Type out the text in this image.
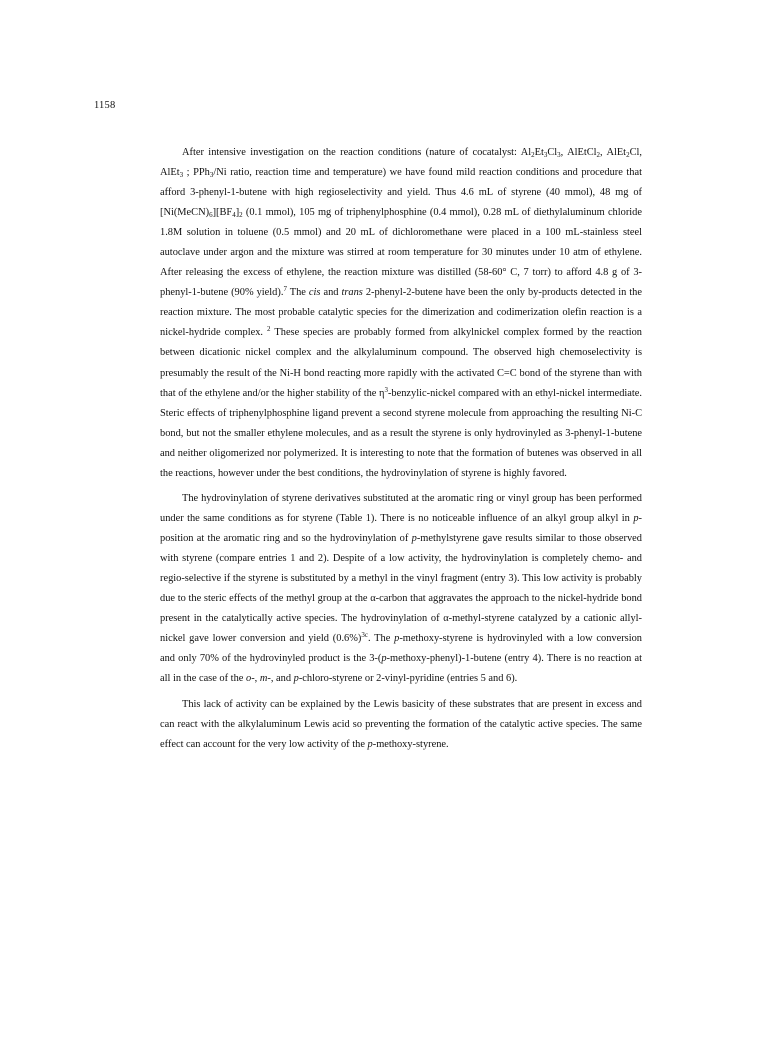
1158

After intensive investigation on the reaction conditions (nature of cocatalyst: $Al_2Et_3Cl_3$, AlEtCl$_2$, AlEt$_2$Cl, AlEt$_3$ ; PPh$_3$/Ni ratio, reaction time and temperature) we have found mild reaction conditions and procedure that afford 3-phenyl-1-butene with high regioselectivity and yield. Thus 4.6 mL of styrene (40 mmol), 48 mg of $[Ni(MeCN)_6][BF_4]_2$ (0.1 mmol), 105 mg of triphenylphosphine (0.4 mmol), 0.28 mL of diethylaluminum chloride 1.8M solution in toluene (0.5 mmol) and 20 mL of dichloromethane were placed in a 100 mL-stainless steel autoclave under argon and the mixture was stirred at room temperature for 30 minutes under 10 atm of ethylene. After releasing the excess of ethylene, the reaction mixture was distilled (58-60° C, 7 torr) to afford 4.8 g of 3-phenyl-1-butene (90% yield).$^7$ The cis and trans 2-phenyl-2-butene have been the only by-products detected in the reaction mixture. The most probable catalytic species for the dimerization and codimerization olefin reaction is a nickel-hydride complex. $^2$ These species are probably formed from alkylnickel complex formed by the reaction between dicationic nickel complex and the alkylaluminum compound. The observed high chemoselectivity is presumably the result of the Ni-H bond reacting more rapidly with the activated C=C bond of the styrene than with that of the ethylene and/or the higher stability of the $\eta^3-benzylic$-nickel compared with an ethyl-nickel intermediate. Steric effects of triphenylphosphine ligand prevent a second styrene molecule from approaching the resulting Ni-C bond, but not the smaller ethylene molecules, and as a result the styrene is only hydrovinyled as 3-phenyl-1-butene and neither oligomerized nor polymerized. It is interesting to note that the formation of butenes was observed in all the reactions, however under the best conditions, the hydrovinylation of styrene is highly favored.

The hydrovinylation of styrene derivatives substituted at the aromatic ring or vinyl group has been performed under the same conditions as for styrene (Table 1). There is no noticeable influence of an alkyl group alkyl in p-position at the aromatic ring and so the hydrovinylation of p-methylstyrene gave results similar to those observed with styrene (compare entries 1 and 2). Despite of a low activity, the hydrovinylation is completely chemo- and regio-selective if the styrene is substituted by a methyl in the vinyl fragment (entry 3). This low activity is probably due to the steric effects of the methyl group at the α-carbon that aggravates the approach to the nickel-hydride bond present in the catalytically active species. The hydrovinylation of α-methyl-styrene catalyzed by a cationic allyl-nickel gave lower conversion and yield $(0.6\%)^{3c}$. The p-methoxy-styrene is hydrovinyled with a low conversion and only 70% of the hydrovinyled product is the 3-(p-methoxy-phenyl)-1-butene (entry 4). There is no reaction at all in the case of the o-, m-, and p-chloro-styrene or 2-vinyl-pyridine (entries 5 and 6).

This lack of activity can be explained by the Lewis basicity of these substrates that are present in excess and can react with the alkylaluminum Lewis acid so preventing the formation of the catalytic active species. The same effect can account for the very low activity of the p-methoxy-styrene.
